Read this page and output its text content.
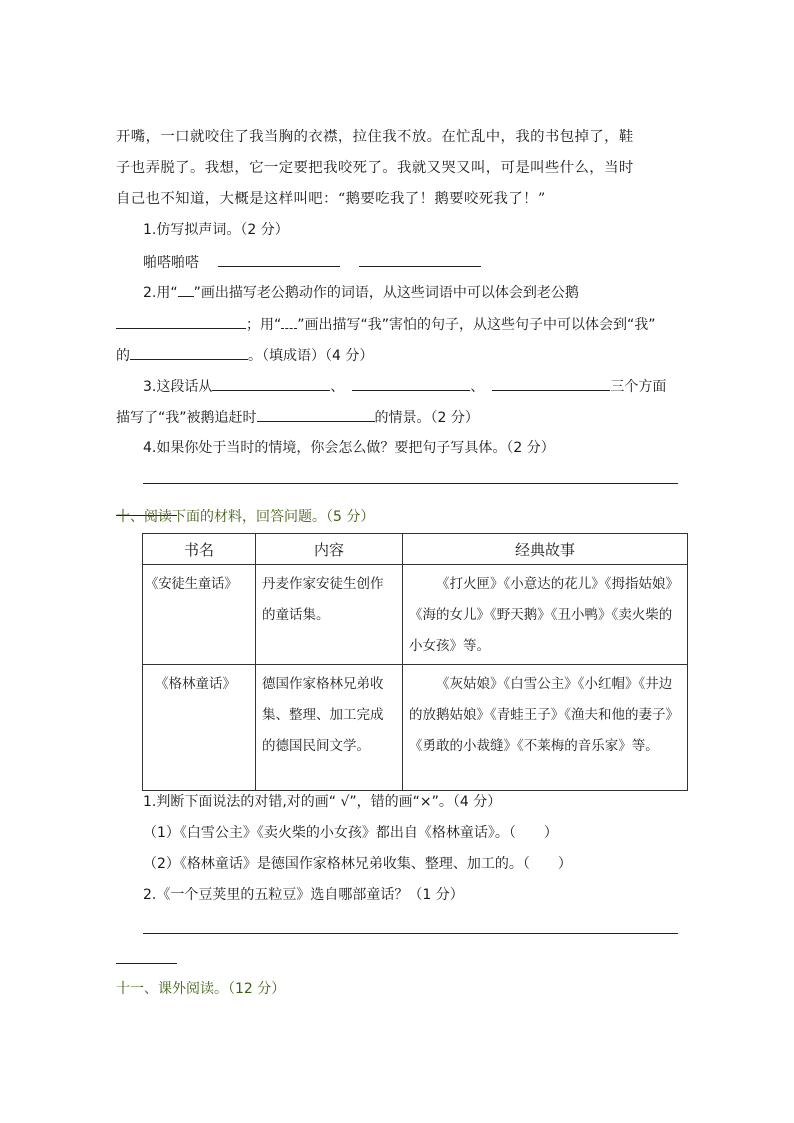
开嘴，一口就咬住了我当胸的衣襟，拉住我不放。在忙乱中，我的书包掉了，鞋
子也弄脱了。我想，它一定要把我咬死了。我就又哭又叫，可是叫些什么，当时
自己也不知道，大概是这样叫吧：“鹅要吃我了！鹅要咬死我了！”
1.仿写拟声词。（2 分）
啪嗒啪嗒
2.用“ ”画出描写老公鹅动作的词语，从这些词语中可以体会到老公鹅
；用“ ”画出描写“我”害怕的句子，从这些句子中可以体会到“我”
的	。（填成语）（4 分）
3.这段话从	、	、	三个方面
描写了“我”被鹅追赶时	的情景。（2 分）
4.如果你处于当时的情境，你会怎么做？要把句子写具体。（2 分）
十、阅读下面的材料，回答问题。（5 分）
书名	内容	经典故事

《安徒生童话》	丹麦作家安徒生创作的童话集。	《打火匣》《小意达的花儿》《拇指姑娘》《海的女儿》《野天鹅》《丑小鸭》《卖火柴的小女孩》等。

《格林童话》	德国作家格林兄弟收集、整理、加工完成的德国民间文学。	《灰姑娘》《白雪公主》《小红帽》《井边的放鹅姑娘》《青蛙王子》《渔夫和他的妻子》《勇敢的小裁缝》《不莱梅的音乐家》等。
1.判断下面说法的对错,对的画“ √”，错的画“×”。（4 分）
（1）《白雪公主》《卖火柴的小女孩》都出自《格林童话》。（　　）
（2）《格林童话》是德国作家格林兄弟收集、整理、加工的。（　　）
2.《一个豆荚里的五粒豆》选自哪部童话？（1 分）
十一、课外阅读。（12 分）
